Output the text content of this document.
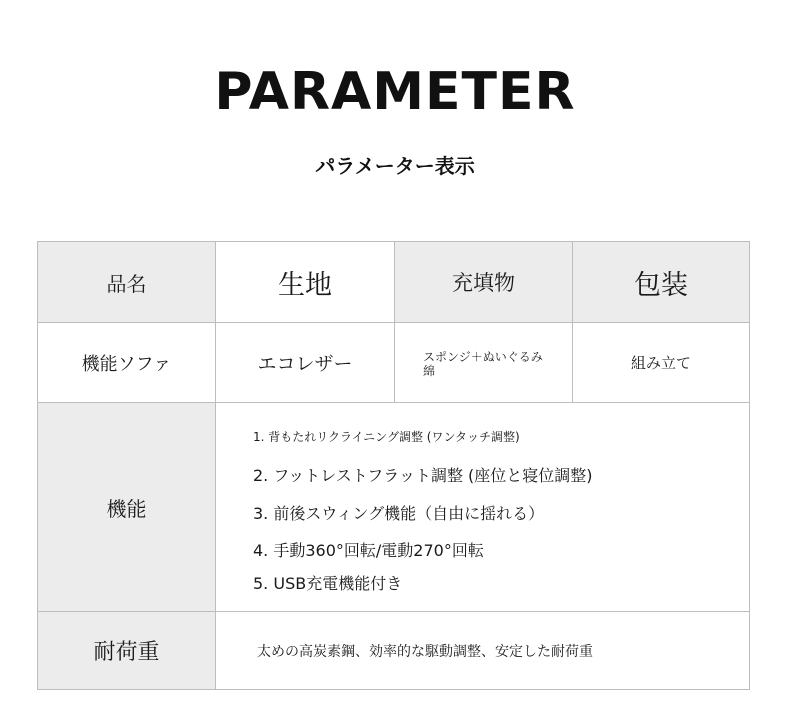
PARAMETER
パラメーター表示
品名	生地	充填物	包装
機能ソファ	エコレザー	スポンジ＋ぬいぐるみ綿	組み立て
機能
1. 背もたれリクライニング調整 (ワンタッチ調整)
2. フットレストフラット調整 (座位と寝位調整)
3. 前後スウィング機能（自由に揺れる）
4. 手動360°回転/電動270°回転
5. USB充電機能付き
耐荷重	太めの高炭素鋼、効率的な駆動調整、安定した耐荷重
